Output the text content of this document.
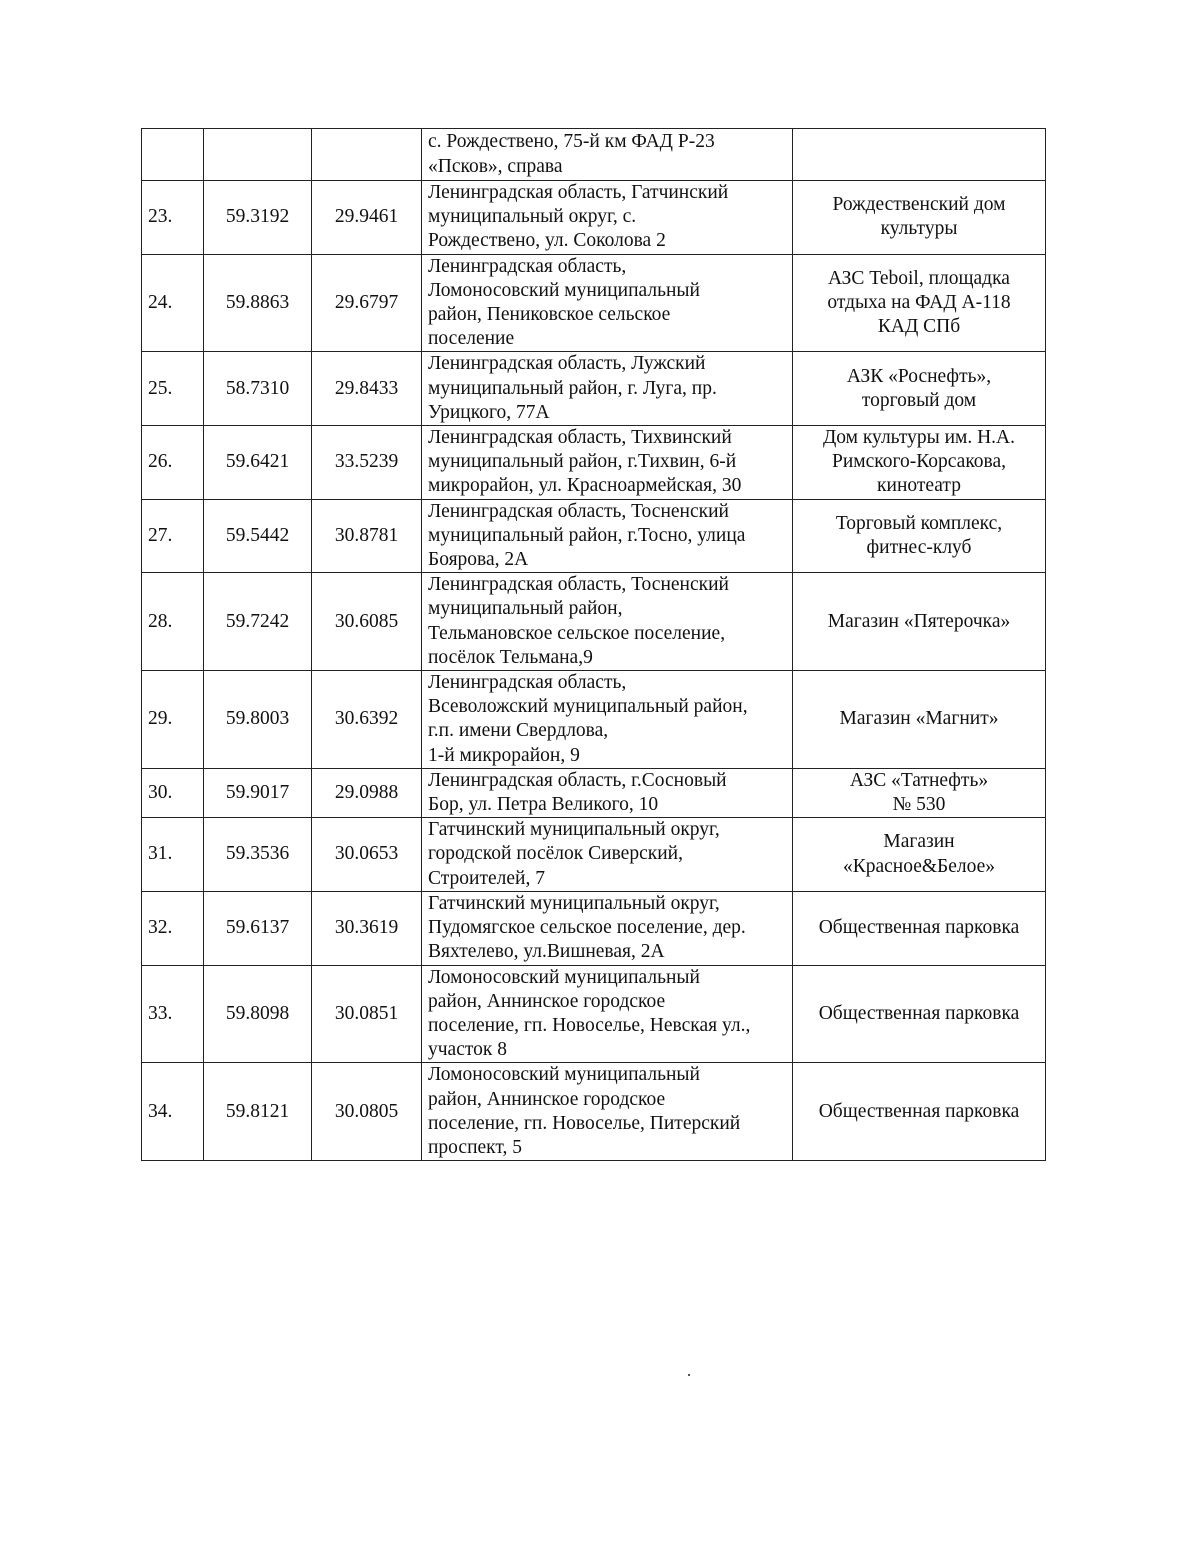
			с. Рождествено, 75-й км ФАД Р-23
«Псков», справа	
23.	59.3192	29.9461	Ленинградская область, Гатчинский
муниципальный округ, с.
Рождествено, ул. Соколова 2	Рождественский дом
культуры
24.	59.8863	29.6797	Ленинградская область,
Ломоносовский муниципальный
район, Пениковское сельское
поселение	АЗС Teboil, площадка
отдыха на ФАД А-118
КАД СПб
25.	58.7310	29.8433	Ленинградская область, Лужский
муниципальный район, г. Луга, пр.
Урицкого, 77А	АЗК «Роснефть»,
торговый дом
26.	59.6421	33.5239	Ленинградская область, Тихвинский
муниципальный район, г.Тихвин, 6-й
микрорайон, ул. Красноармейская, 30	Дом культуры им. Н.А.
Римского-Корсакова,
кинотеатр
27.	59.5442	30.8781	Ленинградская область, Тосненский
муниципальный район, г.Тосно, улица
Боярова, 2А	Торговый комплекс,
фитнес-клуб
28.	59.7242	30.6085	Ленинградская область, Тосненский
муниципальный район,
Тельмановское сельское поселение,
посёлок Тельмана,9	Магазин «Пятерочка»
29.	59.8003	30.6392	Ленинградская область,
Всеволожский муниципальный район,
г.п. имени Свердлова,
1-й микрорайон, 9	Магазин «Магнит»
30.	59.9017	29.0988	Ленинградская область, г.Сосновый
Бор, ул. Петра Великого, 10	АЗС «Татнефть»
№ 530
31.	59.3536	30.0653	Гатчинский муниципальный округ,
городской посёлок Сиверский,
Строителей, 7	Магазин
«Красное&Белое»
32.	59.6137	30.3619	Гатчинский муниципальный округ,
Пудомягское сельское поселение, дер.
Вяхтелево, ул.Вишневая, 2А	Общественная парковка
33.	59.8098	30.0851	Ломоносовский муниципальный
район, Аннинское городское
поселение, гп. Новоселье, Невская ул.,
участок 8	Общественная парковка
34.	59.8121	30.0805	Ломоносовский муниципальный
район, Аннинское городское
поселение, гп. Новоселье, Питерский
проспект, 5	Общественная парковка
